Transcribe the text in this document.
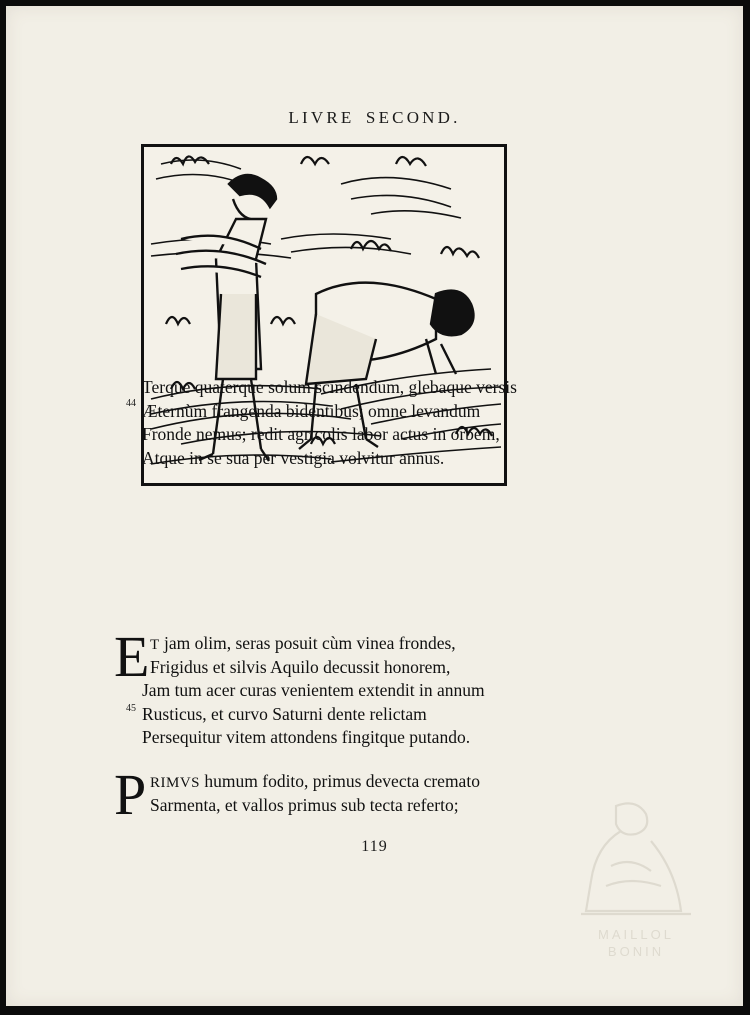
LIVRE SECOND.
44
Terque quaterque solum scindendum, glebaque versis
Æternùm frangenda bidentibus; omne levandum
Fronde nemus; redit agricolis labor actus in orbem,
Atque in se sua per vestigia volvitur annus.
E
45
T jam olim, seras posuit cùm vinea frondes,
Frigidus et silvis Aquilo decussit honorem,
Jam tum acer curas venientem extendit in annum
Rusticus, et curvo Saturni dente relictam
Persequitur vitem attondens fingitque putando.
P RIMVS humum fodito, primus devecta cremato
Sarmenta, et vallos primus sub tecta referto;
119
MAILLOL
BONIN
